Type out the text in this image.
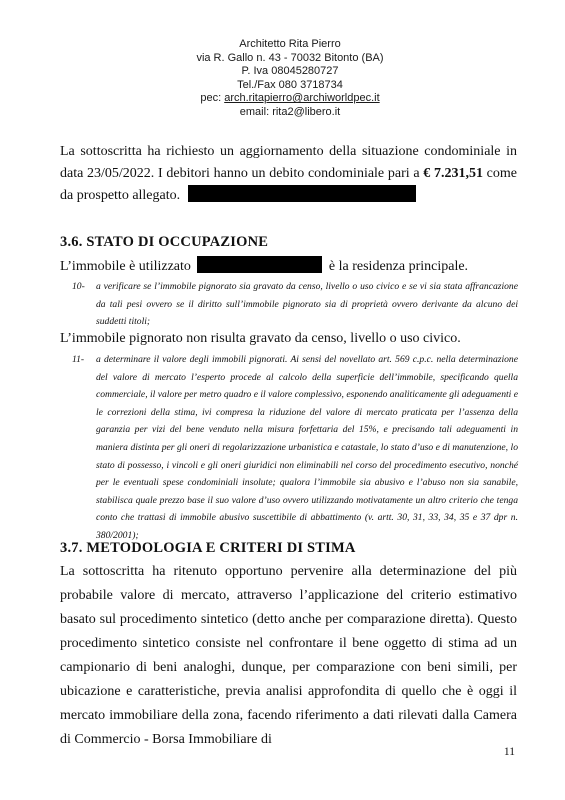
Architetto Rita Pierro
via R. Gallo n. 43 - 70032 Bitonto (BA)
P. Iva 08045280727
Tel./Fax 080 3718734
pec: arch.ritapierro@archiworldpec.it
email: rita2@libero.it
La sottoscritta ha richiesto un aggiornamento della situazione condominiale in data 23/05/2022. I debitori hanno un debito condominiale pari a € 7.231,51 come da prospetto allegato.
3.6. STATO DI OCCUPAZIONE
L’immobile è utilizzato	è la residenza principale.
10-	a verificare se l’immobile pignorato sia gravato da censo, livello o uso civico e se vi sia stata affrancazione da tali pesi ovvero se il diritto sull’immobile pignorato sia di proprietà ovvero derivante da alcuno dei suddetti titoli;
L’immobile pignorato non risulta gravato da censo, livello o uso civico.
11-	a determinare il valore degli immobili pignorati. Ai sensi del novellato art. 569 c.p.c. nella determinazione del valore di mercato l’esperto procede al calcolo della superficie dell’immobile, specificando quella commerciale, il valore per metro quadro e il valore complessivo, esponendo analiticamente gli adeguamenti e le correzioni della stima, ivi compresa la riduzione del valore di mercato praticata per l’assenza della garanzia per vizi del bene venduto nella misura forfettaria del 15%, e precisando tali adeguamenti in maniera distinta per gli oneri di regolarizzazione urbanistica e catastale, lo stato d’uso e di manutenzione, lo stato di possesso, i vincoli e gli oneri giuridici non eliminabili nel corso del procedimento esecutivo, nonché per le eventuali spese condominiali insolute; qualora l’immobile sia abusivo e l’abuso non sia sanabile, stabilisca quale prezzo base il suo valore d’uso ovvero utilizzando motivatamente un altro criterio che tenga conto che trattasi di immobile abusivo suscettibile di abbattimento (v. artt. 30, 31, 33, 34, 35 e 37 dpr n. 380/2001);
3.7. METODOLOGIA E CRITERI DI STIMA
La sottoscritta ha ritenuto opportuno pervenire alla determinazione del più probabile valore di mercato, attraverso l’applicazione del criterio estimativo basato sul procedimento sintetico (detto anche per comparazione diretta). Questo procedimento sintetico consiste nel confrontare il bene oggetto di stima ad un campionario di beni analoghi, dunque, per comparazione con beni simili, per ubicazione e caratteristiche, previa analisi approfondita di quello che è oggi il mercato immobiliare della zona, facendo riferimento a dati rilevati dalla Camera di Commercio - Borsa Immobiliare di
11
